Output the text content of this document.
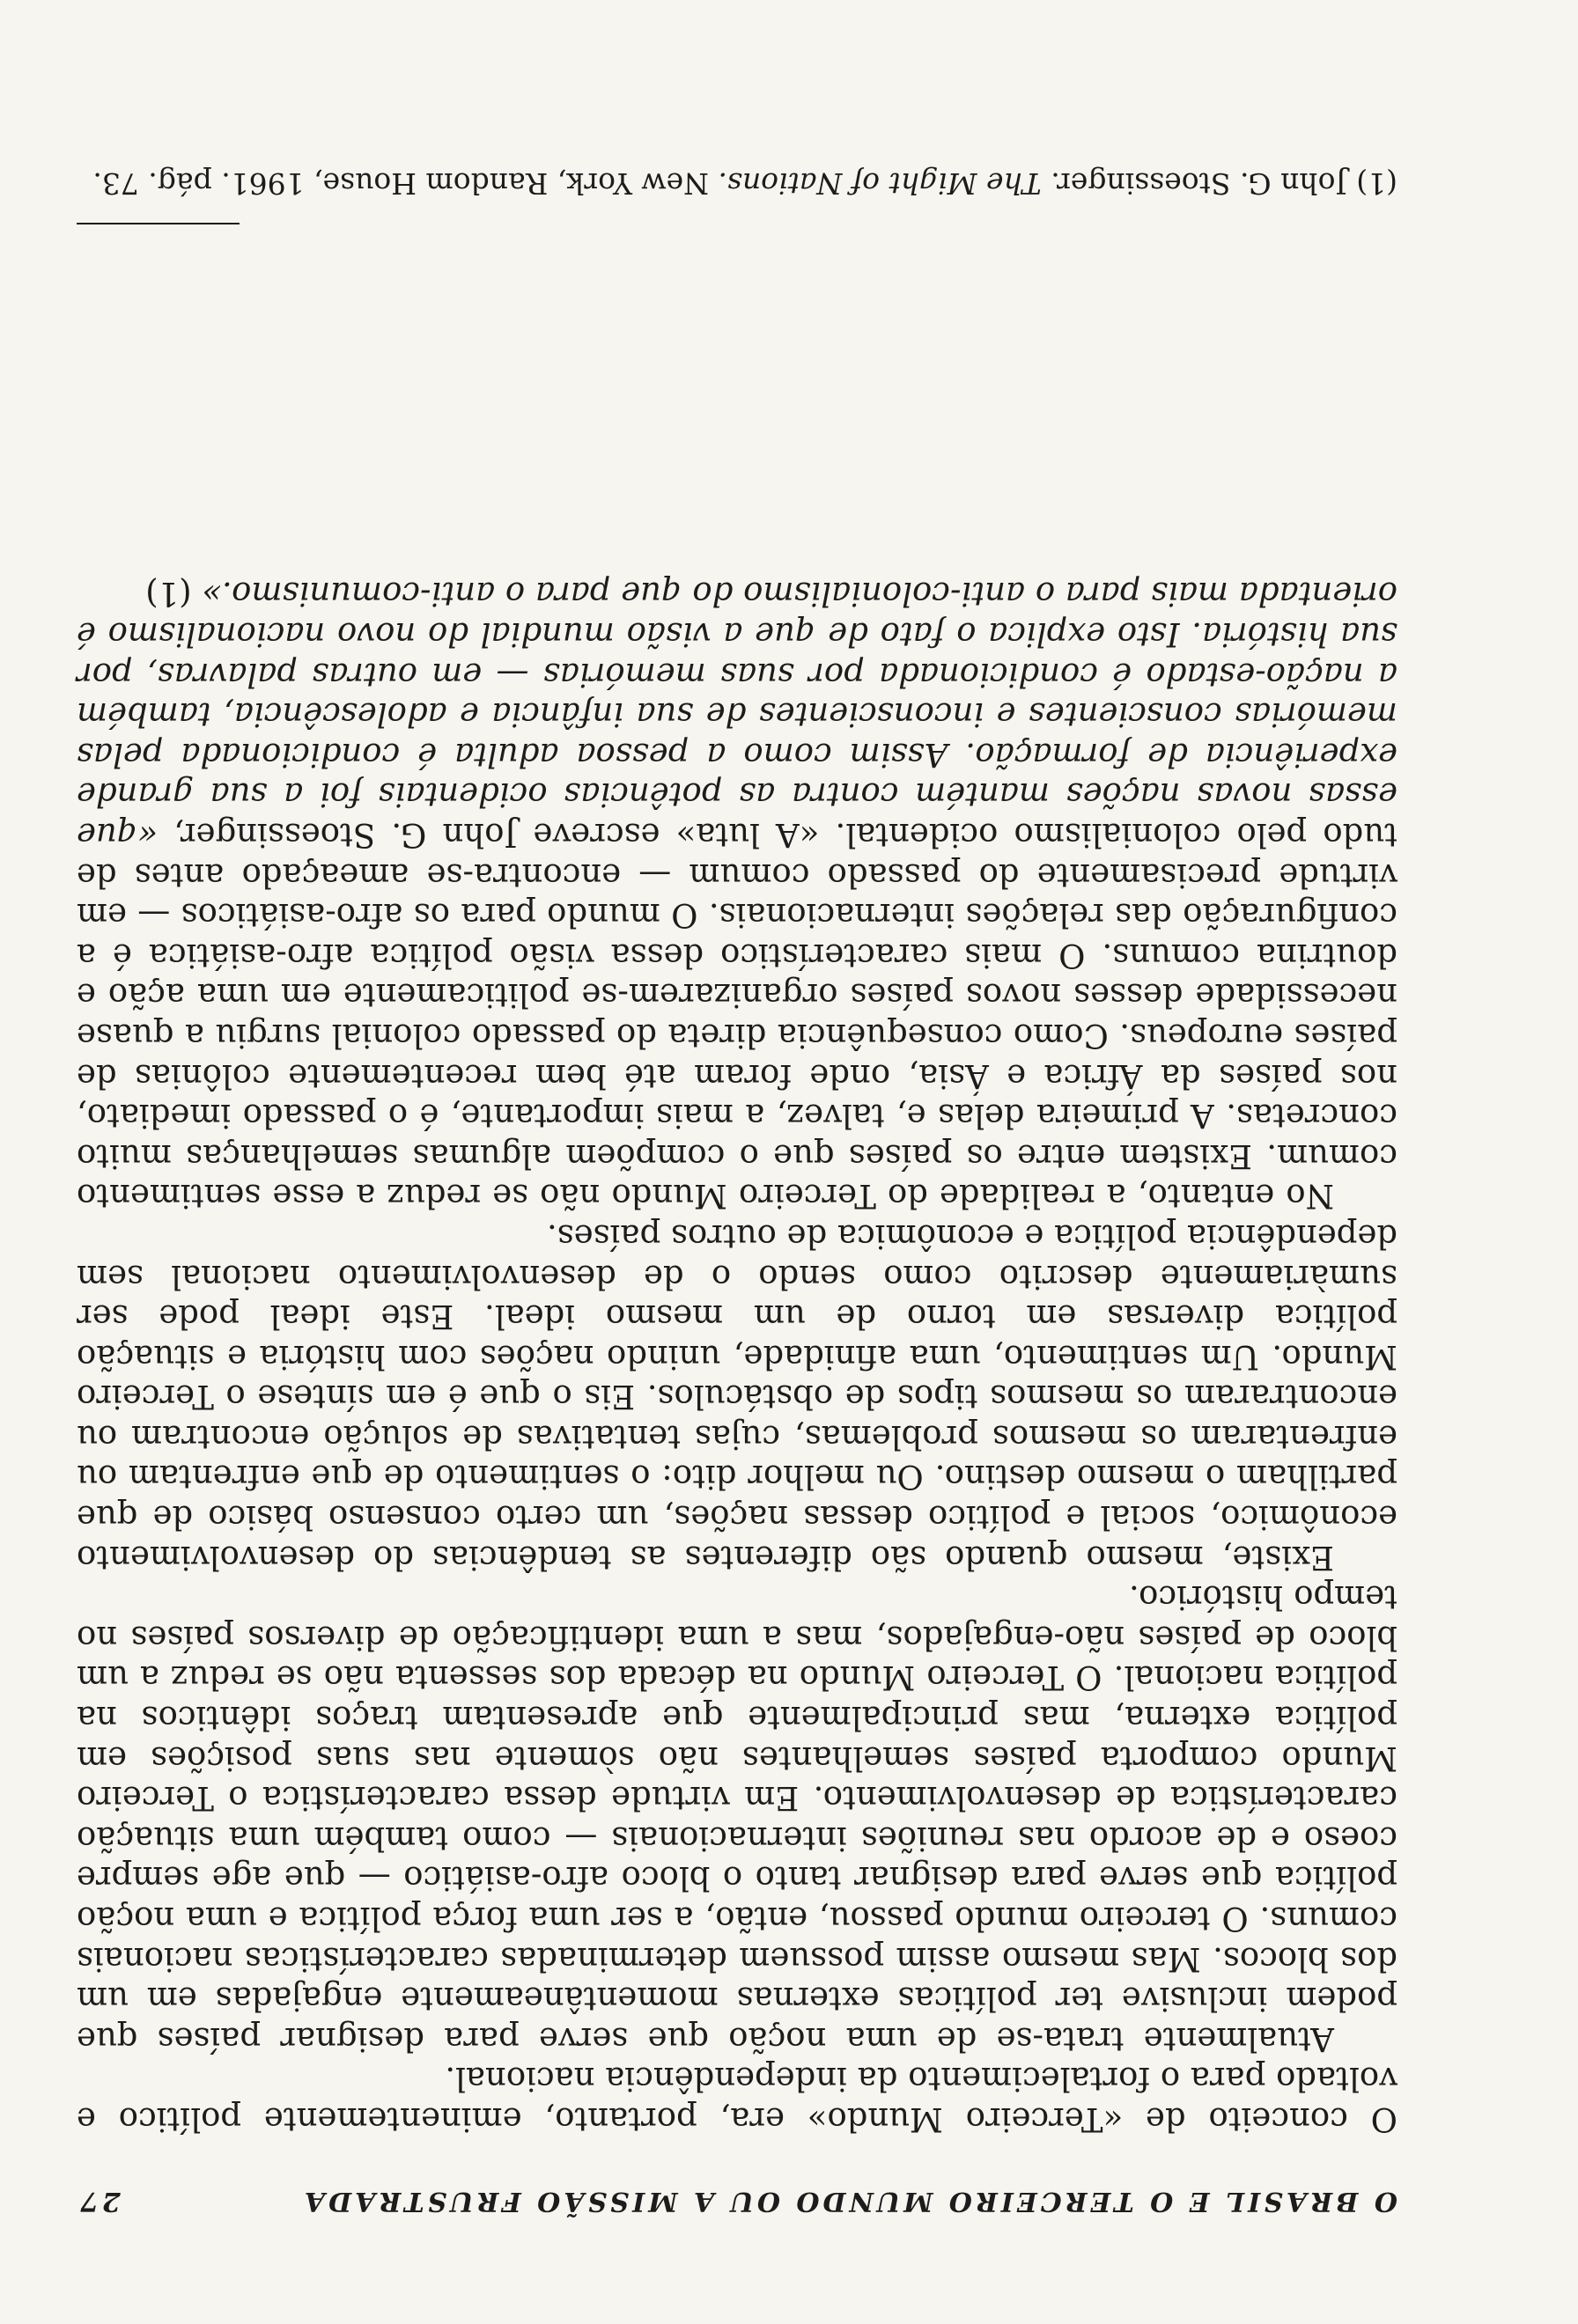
O BRASIL E O TERCEIRO MUNDO OU A MISSÃO FRUSTRADA
27

O conceito de «Terceiro Mundo» era, portanto, eminentemente político e voltado para o fortalecimento da independência nacional.

Atualmente trata-se de uma noção que serve para designar países que podem inclusive ter políticas externas momentâneamente engajadas em um dos blocos. Mas mesmo assim possuem determinadas características nacionais comuns. O terceiro mundo passou, então, a ser uma força política e uma noção política que serve para designar tanto o bloco afro-asiático — que age sempre coeso e de acordo nas reuniões internacionais — como também uma situação característica de desenvolvimento. Em virtude dessa característica o Terceiro Mundo comporta países semelhantes não sòmente nas suas posições em política externa, mas principalmente que apresentam traços idênticos na política nacional. O Terceiro Mundo na década dos sessenta não se reduz a um bloco de países não-engajados, mas a uma identificação de diversos países no tempo histórico.

Existe, mesmo quando são diferentes as tendências do desenvolvimento econômico, social e político dessas nações, um certo consenso básico de que partilham o mesmo destino. Ou melhor dito: o sentimento de que enfrentam ou enfrentaram os mesmos problemas, cujas tentativas de solução encontram ou encontraram os mesmos tipos de obstáculos. Eis o que é em síntese o Terceiro Mundo. Um sentimento, uma afinidade, unindo nações com história e situação política diversas em torno de um mesmo ideal. Este ideal pode ser sumàriamente descrito como sendo o de desenvolvimento nacional sem dependência política e econômica de outros países.

No entanto, a realidade do Terceiro Mundo não se reduz a esse sentimento comum. Existem entre os países que o compõem algumas semelhanças muito concretas. A primeira delas e, talvez, a mais importante, é o passado imediato, nos países da África e Ásia, onde foram até bem recentemente colônias de países europeus. Como consequência direta do passado colonial surgiu a quase necessidade desses novos países organizarem-se politicamente em uma ação e doutrina comuns. O mais característico dessa visão política afro-asiática é a configuração das relações internacionais. O mundo para os afro-asiáticos — em virtude precisamente do passado comum — encontra-se ameaçado antes de tudo pelo colonialismo ocidental. «A luta» escreve John G. Stoessinger, «que essas novas nações mantém contra as potências ocidentais foi a sua grande experiência de formação. Assim como a pessoa adulta é condicionada pelas memórias conscientes e inconscientes de sua infância e adolescência, também a nação-estado é condicionada por suas memórias — em outras palavras, por sua história. Isto explica o fato de que a visão mundial do novo nacionalismo é orientada mais para o anti-colonialismo do que para o anti-comunismo.» (1)

(1) John G. Stoessinger. The Might of Nations. New York, Random House, 1961. pág. 73.
